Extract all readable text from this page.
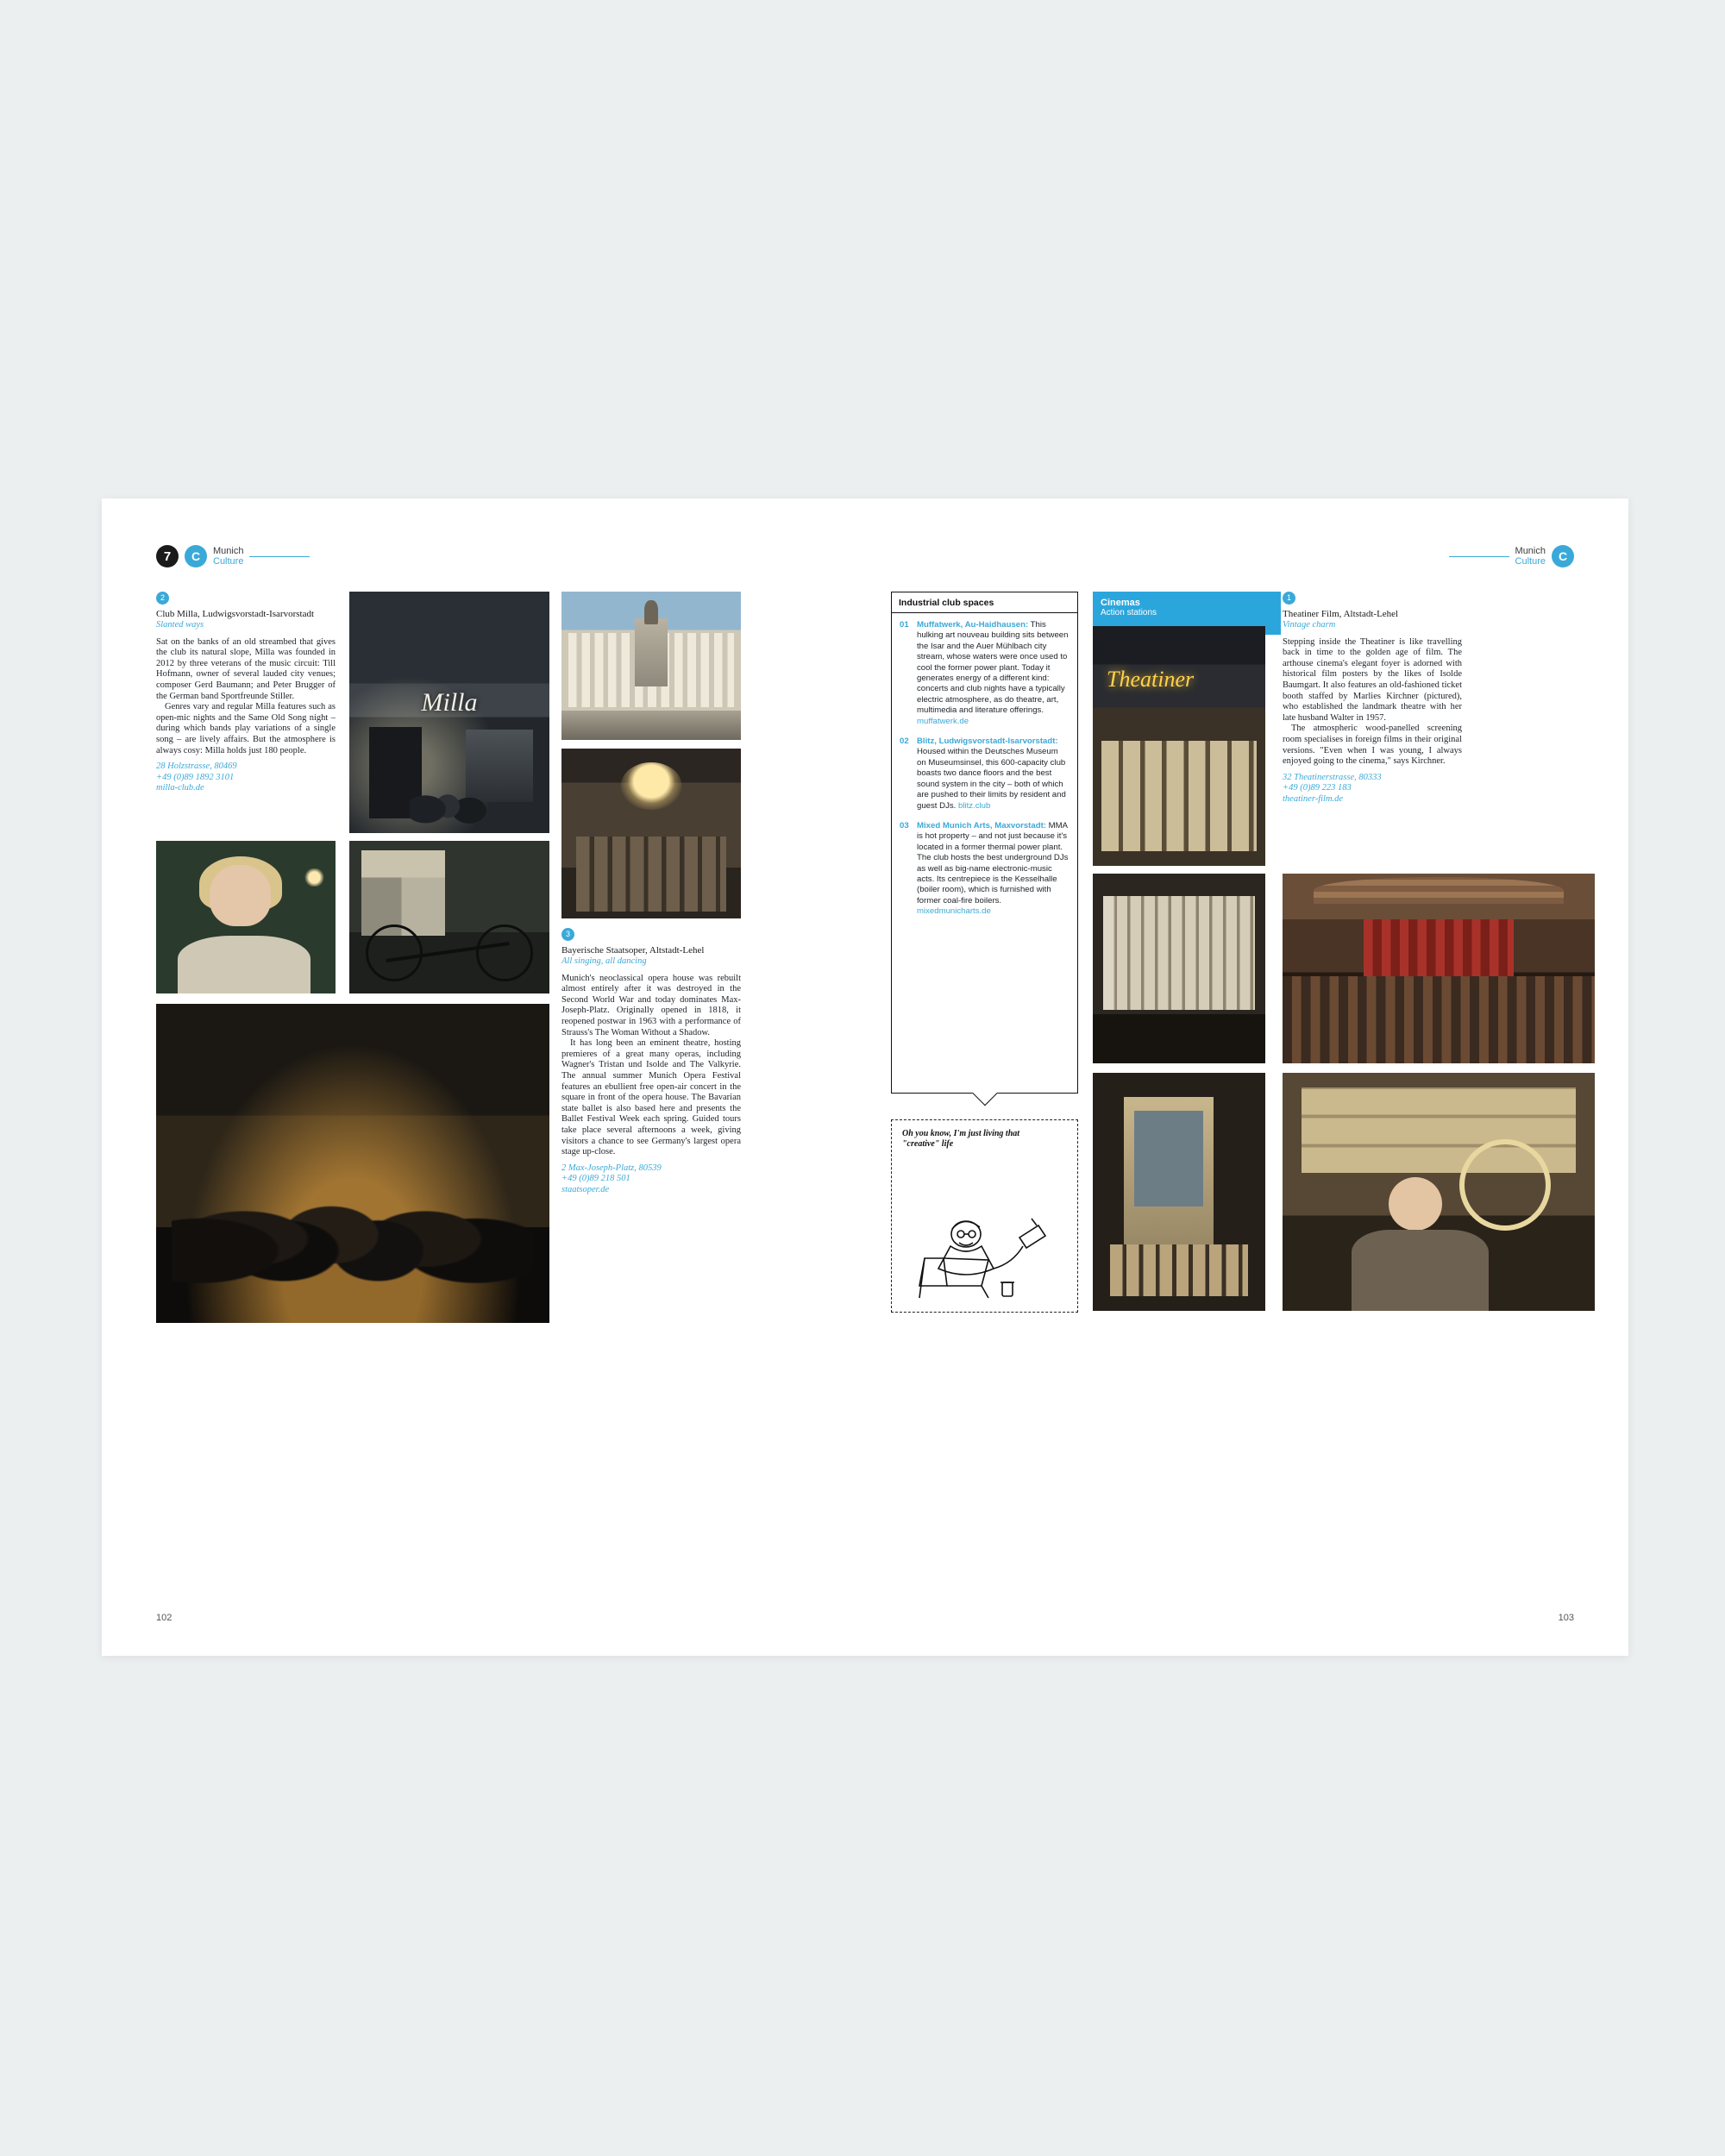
7	C	Munich
Culture
2
Club Milla, Ludwigsvorstadt-Isarvorstadt
Slanted ways

Sat on the banks of an old streambed that gives the club its natural slope, Milla was founded in 2012 by three veterans of the music circuit: Till Hofmann, owner of several lauded city venues; composer Gerd Baumann; and Peter Brugger of the German band Sportfreunde Stiller.

Genres vary and regular Milla features such as open-mic nights and the Same Old Song night – during which bands play variations of a single song – are lively affairs. But the atmosphere is always cosy: Milla holds just 180 people.

28 Holzstrasse, 80469
+49 (0)89 1892 3101
milla-club.de
Milla
3
Bayerische Staatsoper, Altstadt-Lehel
All singing, all dancing

Munich's neoclassical opera house was rebuilt almost entirely after it was destroyed in the Second World War and today dominates Max-Joseph-Platz. Originally opened in 1818, it reopened postwar in 1963 with a performance of Strauss's The Woman Without a Shadow.

It has long been an eminent theatre, hosting premieres of a great many operas, including Wagner's Tristan und Isolde and The Valkyrie. The annual summer Munich Opera Festival features an ebullient free open-air concert in the square in front of the opera house. The Bavarian state ballet is also based here and presents the Ballet Festival Week each spring. Guided tours take place several afternoons a week, giving visitors a chance to see Germany's largest opera stage up-close.

2 Max-Joseph-Platz, 80539
+49 (0)89 218 501
staatsoper.de
102
C
Munich
Culture
Industrial club spaces
01 Muffatwerk, Au-Haidhausen: This hulking art nouveau building sits between the Isar and the Auer Mühlbach city stream, whose waters were once used to cool the former power plant. Today it generates energy of a different kind: concerts and club nights have a typically electric atmosphere, as do theatre, art, multimedia and literature offerings. muffatwerk.de
02 Blitz, Ludwigsvorstadt-Isarvorstadt: Housed within the Deutsches Museum on Museumsinsel, this 600-capacity club boasts two dance floors and the best sound system in the city – both of which are pushed to their limits by resident and guest DJs. blitz.club
03 Mixed Munich Arts, Maxvorstadt: MMA is hot property – and not just because it's located in a former thermal power plant. The club hosts the best underground DJs as well as big-name electronic-music acts. Its centrepiece is the Kesselhalle (boiler room), which is furnished with former coal-fire boilers. mixedmunicharts.de
Oh you know, I'm just living that "creative" life
Cinemas
Action stations
1
Theatiner Film, Altstadt-Lehel
Vintage charm

Stepping inside the Theatiner is like travelling back in time to the golden age of film. The arthouse cinema's elegant foyer is adorned with historical film posters by the likes of Isolde Baumgart. It also features an old-fashioned ticket booth staffed by Marlies Kirchner (pictured), who established the landmark theatre with her late husband Walter in 1957.

The atmospheric wood-panelled screening room specialises in foreign films in their original versions. "Even when I was young, I always enjoyed going to the cinema," says Kirchner.

32 Theatinerstrasse, 80333
+49 (0)89 223 183
theatiner-film.de
Theatiner
103
